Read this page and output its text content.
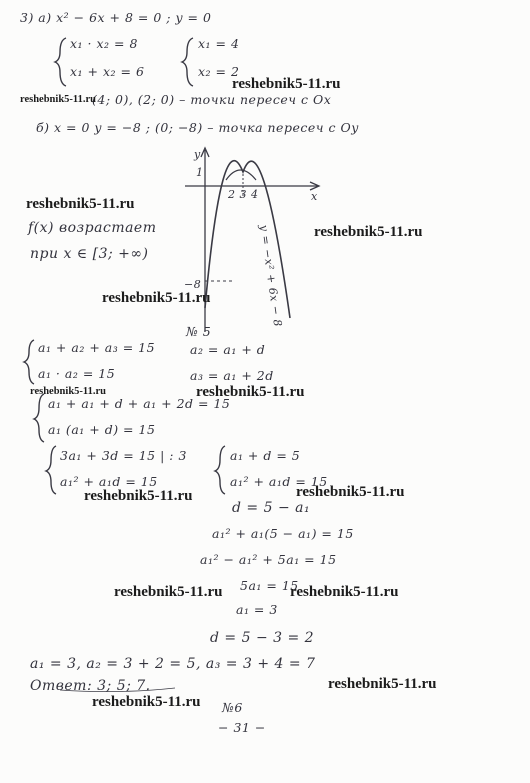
3) а) x² − 6x + 8 = 0 ; y = 0
x₁ · x₂ = 8
x₁ + x₂ = 6
x₁ = 4
x₂ = 2
(4; 0), (2; 0) – точки пересеч с Ох
б) x = 0 y = −8 ; (0; −8) – точка пересеч с Оу
y
x
1
2 3 4
−8	y = −x² + 6x − 8
f(x) возрастает
при x ∈ [3; +∞)
№ 5
a₁ + a₂ + a₃ = 15
a₁ · a₂ = 15
a₂ = a₁ + d
a₃ = a₁ + 2d
a₁ + a₁ + d + a₁ + 2d = 15
a₁ (a₁ + d) = 15
3a₁ + 3d = 15 | : 3
a₁² + a₁d = 15
a₁ + d = 5
a₁² + a₁d = 15
d = 5 − a₁
a₁² + a₁(5 − a₁) = 15
a₁² − a₁² + 5a₁ = 15
5a₁ = 15
a₁ = 3
d = 5 − 3 = 2
a₁ = 3, a₂ = 3 + 2 = 5, a₃ = 3 + 4 = 7
Ответ: 3; 5; 7.
№6
− 31 −
reshebnik5-11.ru
reshebnik5-11.ru
reshebnik5-11.ru
reshebnik5-11.ru
reshebnik5-11.ru
reshebnik5-11.ru	reshebnik5-11.ru
reshebnik5-11.ru	reshebnik5-11.ru
reshebnik5-11.ru	reshebnik5-11.ru
reshebnik5-11.ru
reshebnik5-11.ru
